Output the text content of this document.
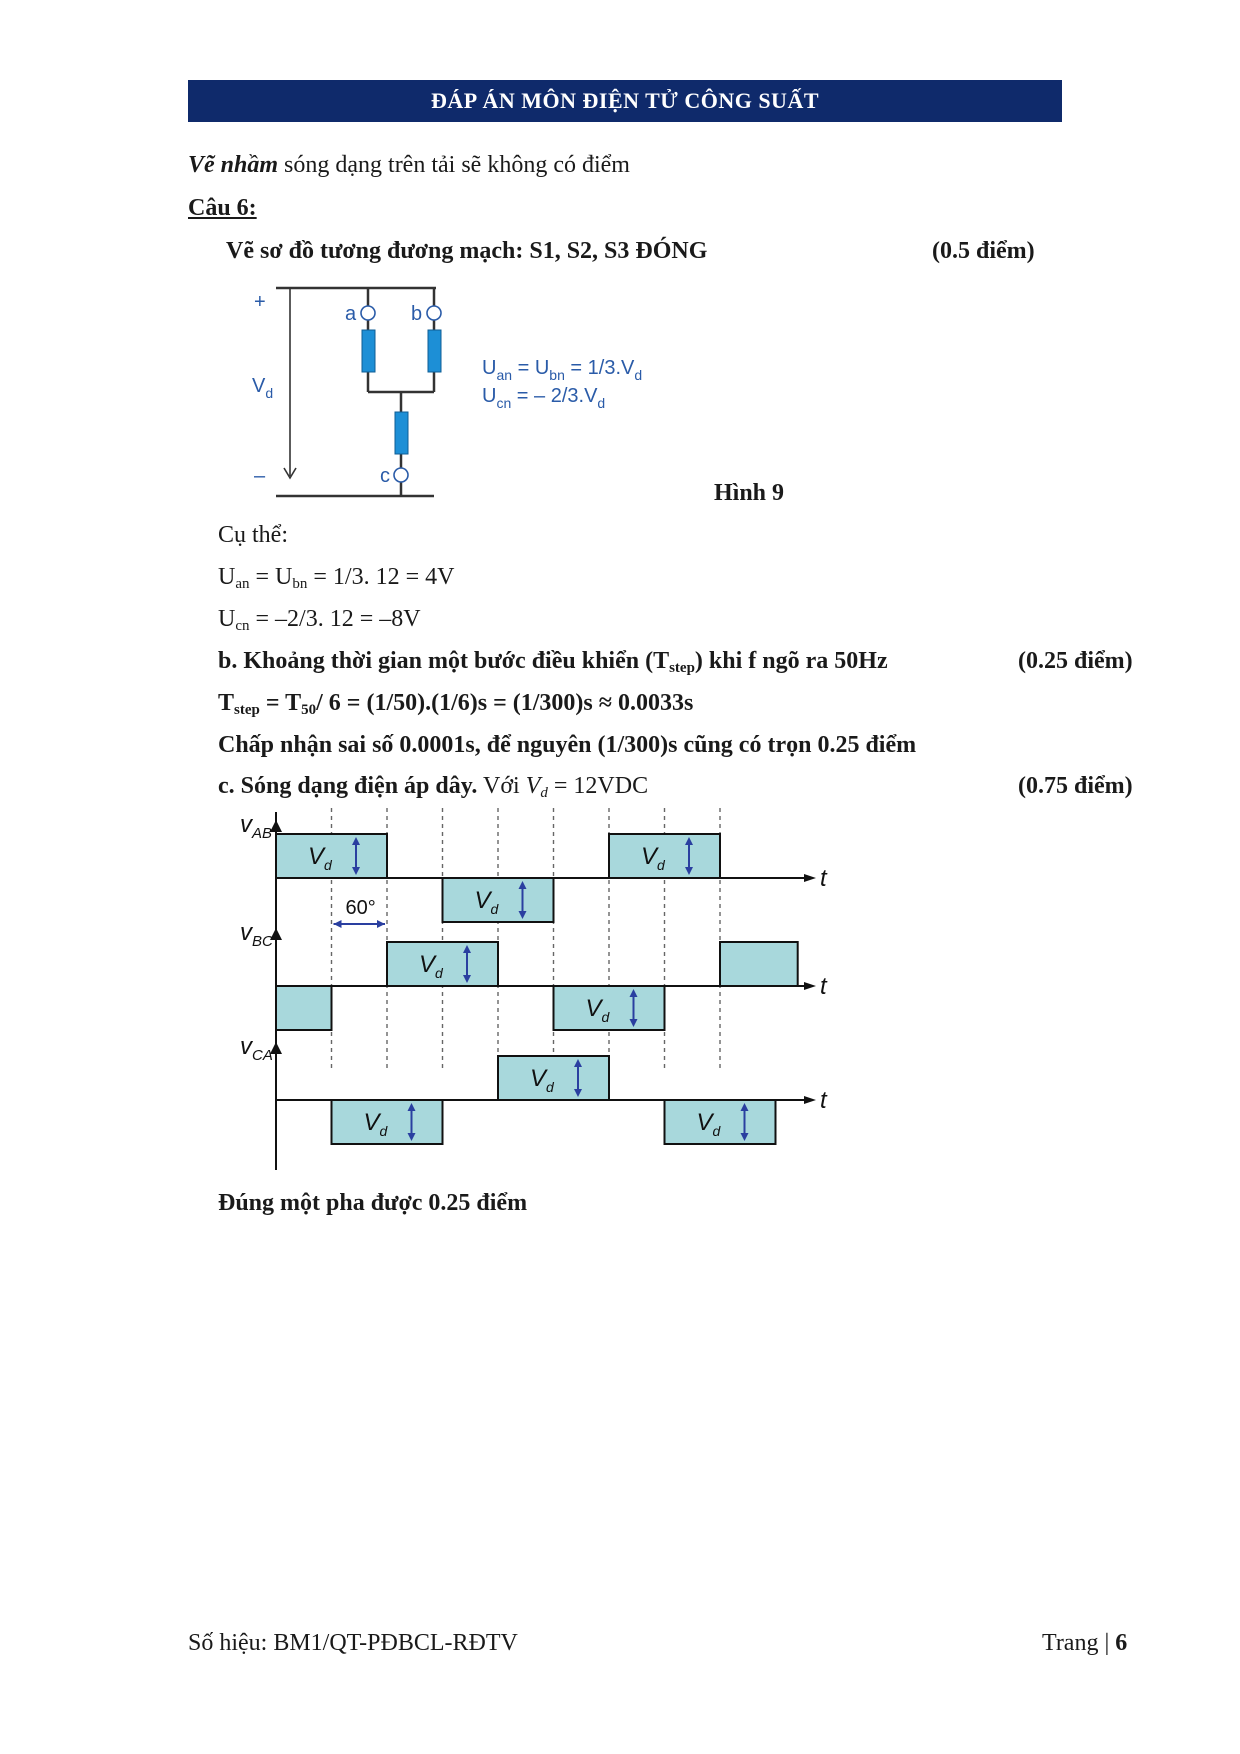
ĐÁP ÁN MÔN ĐIỆN TỬ CÔNG SUẤT
Vẽ nhầm sóng dạng trên tải sẽ không có điểm
Câu 6:
Vẽ sơ đồ tương đương mạch: S1, S2, S3 ĐÓNG	(0.5 điểm)
+
–
$V_d$
a	b
c
$U_{an} = U_{bn} = 1/3.V_d$
$U_{cn}$ = – $2/3.V_d$
Hình 9
Cụ thể:
$U_{an} = U_{bn} = 1/3$. 12 = 4V
$U_{cn} = -2/3$. 12 = –8V
b. Khoảng thời gian một bước điều khiển $(T_{step})$ khi f ngõ ra 50Hz	(0.25 điểm)
$T_{step} = T_{50}/$ 6 = (1/50).(1/6)s = (1/300)s ≈ 0.0033s
Chấp nhận sai số 0.0001s, để nguyên (1/300)s cũng có trọn 0.25 điểm
c. Sóng dạng điện áp dây. Với $V_d = 12VDC$	(0.75 điểm)
$V_d$
$V_d$
$V_d$	t
$v_{AB}$
$V_d$
$V_d$
t
$v_{BC}$
$V_d$
$V_d$
$V_d$
t
$v_{CA}$
60°
Đúng một pha được 0.25 điểm
Số hiệu: BM1/QT-PĐBCL-RĐTV	Trang | 6
